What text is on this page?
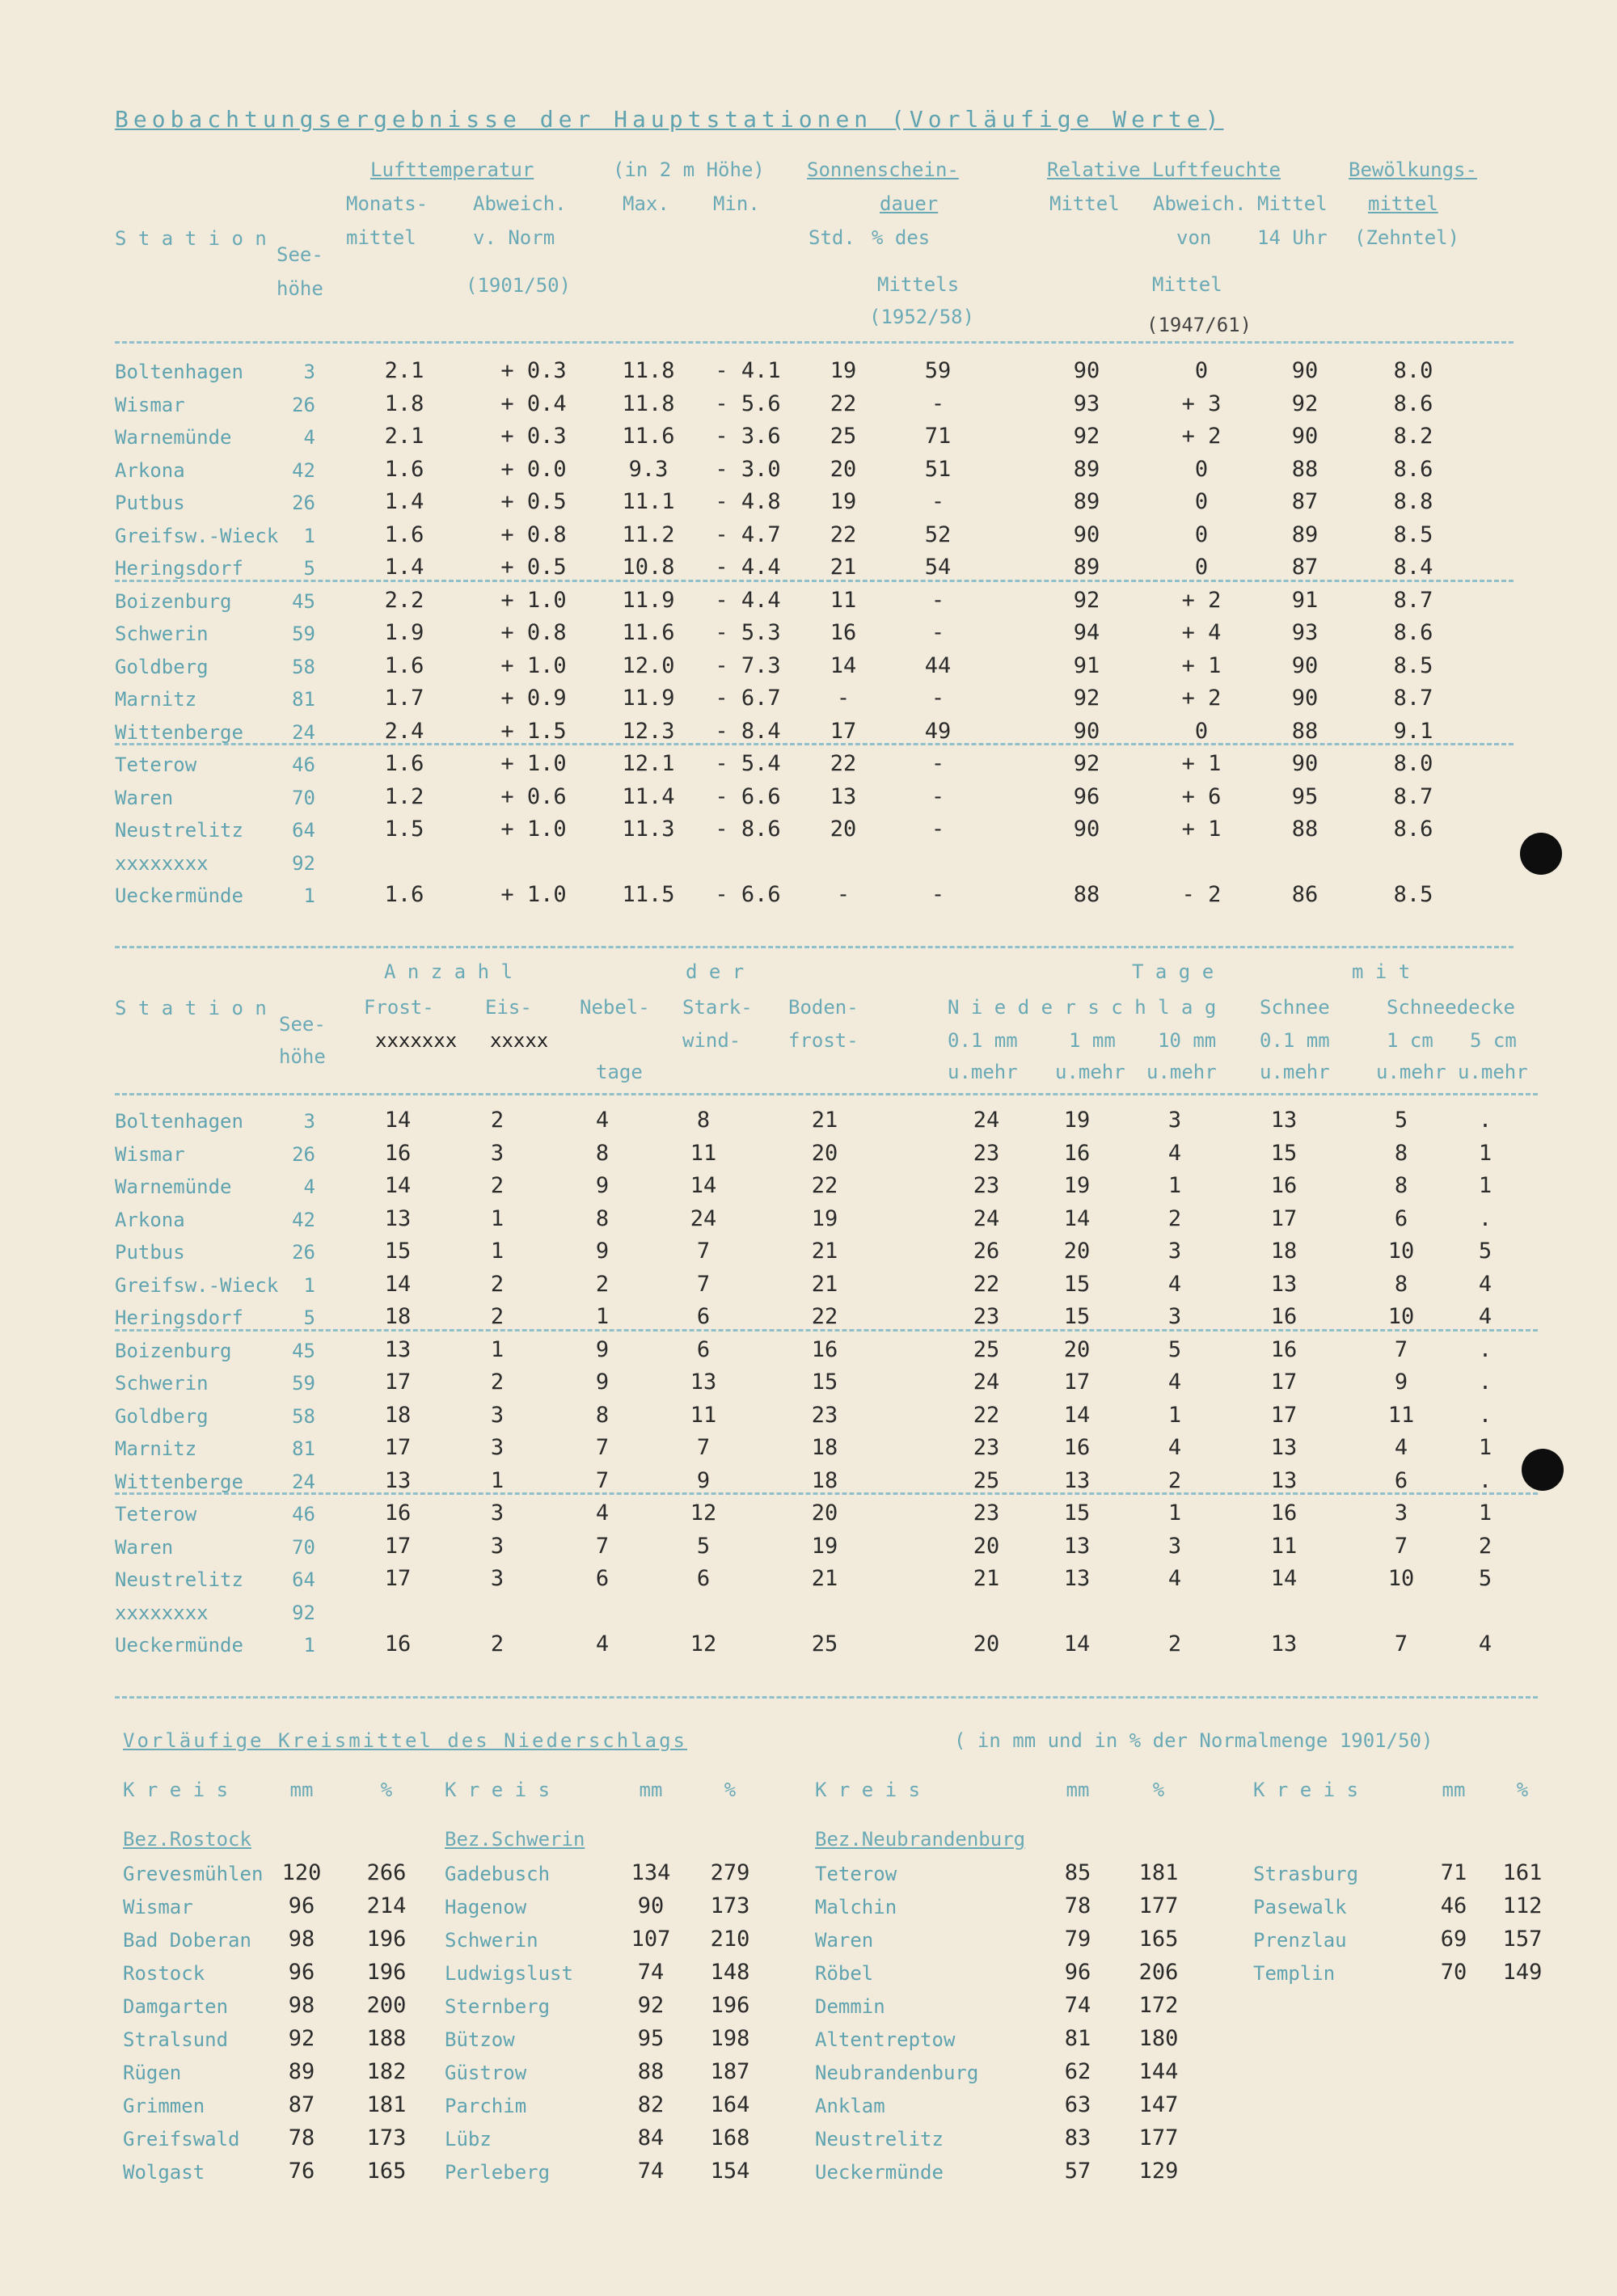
Beobachtungsergebnisse der Hauptstationen (Vorläufige Werte)
S t a t i o n
See-
höhe
Lufttemperatur	(in 2 m Höhe)
Monats-
mittel
Abweich.
v. Norm
(1901/50)
Max. Min.
Sonnenschein-
dauer
Std. % des
Mittels
(1952/58)
Relative Luftfeuchte
Mittel Abweich.
von
Mittel
(1947/61)
Mittel
14 Uhr
Bewölkungs-
mittel
(Zehntel)
Boltenhagen	3	2.1	+ 0.3	11.8	- 4.1	19	59	90	0	90	8.0
Wismar	26	1.8	+ 0.4	11.8	- 5.6	22	-	93	+ 3	92	8.6
Warnemünde	4	2.1	+ 0.3	11.6	- 3.6	25	71	92	+ 2	90	8.2
Arkona	42	1.6	+ 0.0	9.3	- 3.0	20	51	89	0	88	8.6
Putbus	26	1.4	+ 0.5	11.1	- 4.8	19	-	89	0	87	8.8
Greifsw.-Wieck	1	1.6	+ 0.8	11.2	- 4.7	22	52	90	0	89	8.5
Heringsdorf	5	1.4	+ 0.5	10.8	- 4.4	21	54	89	0	87	8.4
Boizenburg	45	2.2	+ 1.0	11.9	- 4.4	11	-	92	+ 2	91	8.7
Schwerin	59	1.9	+ 0.8	11.6	- 5.3	16	-	94	+ 4	93	8.6
Goldberg	58	1.6	+ 1.0	12.0	- 7.3	14	44	91	+ 1	90	8.5
Marnitz	81	1.7	+ 0.9	11.9	- 6.7	-	-	92	+ 2	90	8.7
Wittenberge	24	2.4	+ 1.5	12.3	- 8.4	17	49	90	0	88	9.1
Teterow	46	1.6	+ 1.0	12.1	- 5.4	22	-	92	+ 1	90	8.0
Waren	70	1.2	+ 0.6	11.4	- 6.6	13	-	96	+ 6	95	8.7
Neustrelitz	64	1.5	+ 1.0	11.3	- 8.6	20	-	90	+ 1	88	8.6
xxxxxxxx	92
Ueckermünde	1	1.6	+ 1.0	11.5	- 6.6	-	-	88	- 2	86	8.5
A n z a h l	d e r	T a g e	m i t
S t a t i o n
See-
höhe
Frost-
xxxxxxx
Eis-
xxxxx
Nebel-
tage
Stark-
wind-
Boden-
frost-
N i e d e r s c h l a g
0.1 mm
u.mehr
1 mm
u.mehr
10 mm
u.mehr
Schnee
0.1 mm
u.mehr
Schneedecke
1 cm
u.mehr
5 cm
u.mehr
Boltenhagen	3	14	2	4	8	21	24	19	3	13	5	.
Wismar	26	16	3	8	11	20	23	16	4	15	8	1
Warnemünde	4	14	2	9	14	22	23	19	1	16	8	1
Arkona	42	13	1	8	24	19	24	14	2	17	6	.
Putbus	26	15	1	9	7	21	26	20	3	18	10	5
Greifsw.-Wieck	1	14	2	2	7	21	22	15	4	13	8	4
Heringsdorf	5	18	2	1	6	22	23	15	3	16	10	4
Boizenburg	45	13	1	9	6	16	25	20	5	16	7	.
Schwerin	59	17	2	9	13	15	24	17	4	17	9	.
Goldberg	58	18	3	8	11	23	22	14	1	17	11	.
Marnitz	81	17	3	7	7	18	23	16	4	13	4	1
Wittenberge	24	13	1	7	9	18	25	13	2	13	6	.
Teterow	46	16	3	4	12	20	23	15	1	16	3	1
Waren	70	17	3	7	5	19	20	13	3	11	7	2
Neustrelitz	64	17	3	6	6	21	21	13	4	14	10	5
xxxxxxxx	92
Ueckermünde	1	16	2	4	12	25	20	14	2	13	7	4
Vorläufige Kreismittel des Niederschlags	( in mm und in % der Normalmenge 1901/50)
K r e i s	mm	%
Bez.Rostock
Grevesmühlen 120	266
Wismar	96	214
Bad Doberan	98	196
Rostock	96	196
Damgarten	98	200
Stralsund	92	188
Rügen	89	182
Grimmen	87	181
Greifswald	78	173
Wolgast	76	165
K r e i s	mm	%
Bez.Schwerin
Gadebusch	134	279
Hagenow	90	173
Schwerin	107	210
Ludwigslust	74	148
Sternberg	92	196
Bützow	95	198
Güstrow	88	187
Parchim	82	164
Lübz	84	168
Perleberg	74	154
K r e i s	mm	%
Bez.Neubrandenburg
Teterow	85	181
Malchin	78	177
Waren	79	165
Röbel	96	206
Demmin	74	172
Altentreptow	81	180
Neubrandenburg	62	144
Anklam	63	147
Neustrelitz	83	177
Ueckermünde	57	129
K r e i s	mm	%
Strasburg	71	161
Pasewalk	46	112
Prenzlau	69	157
Templin	70	149
